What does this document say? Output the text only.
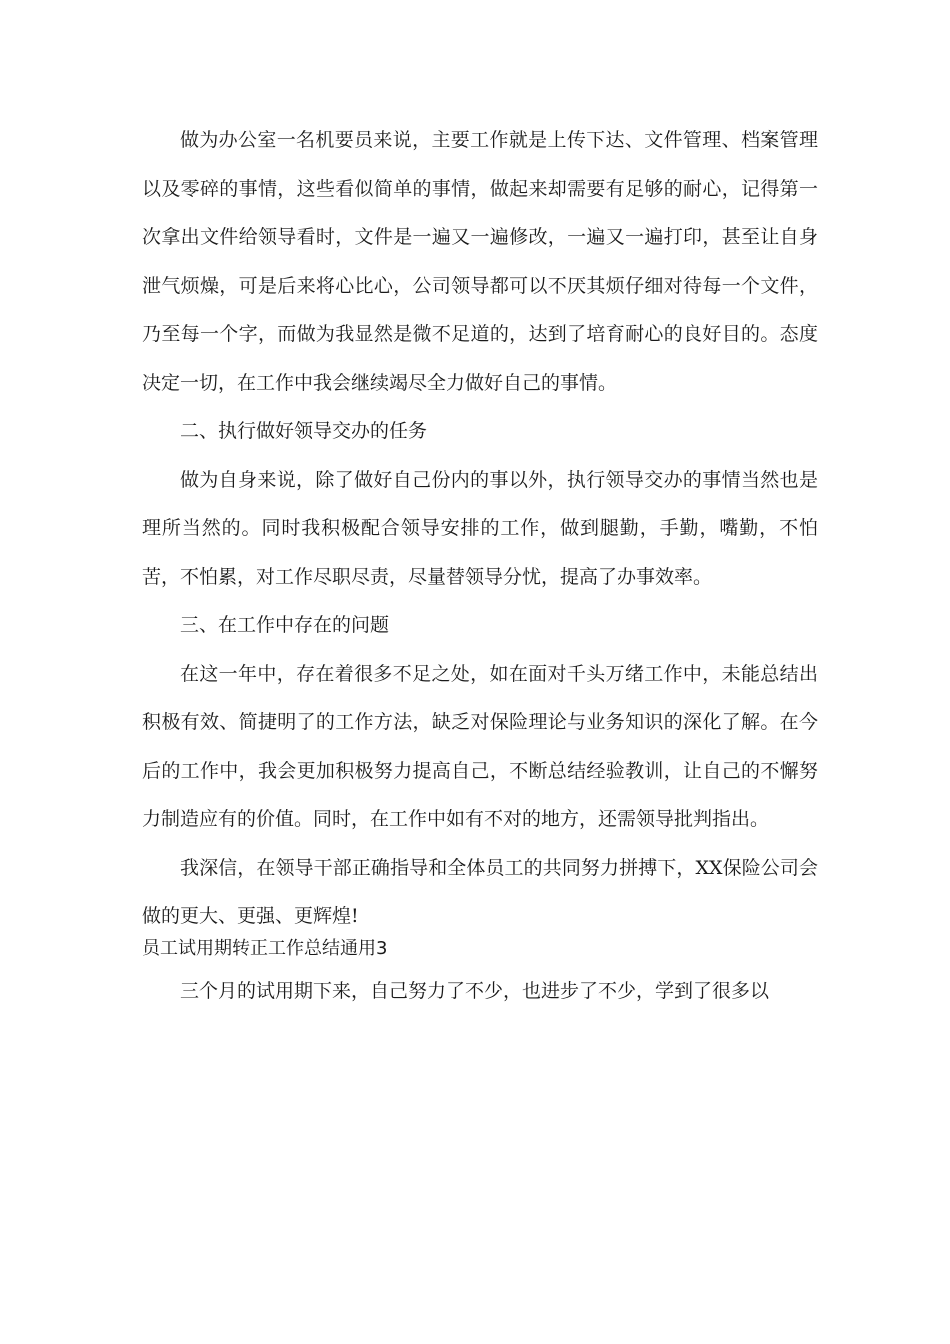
做为办公室一名机要员来说，主要工作就是上传下达、文件管理、档案管理以及零碎的事情，这些看似简单的事情，做起来却需要有足够的耐心，记得第一次拿出文件给领导看时，文件是一遍又一遍修改，一遍又一遍打印，甚至让自身泄气烦燥，可是后来将心比心，公司领导都可以不厌其烦仔细对待每一个文件，乃至每一个字，而做为我显然是微不足道的，达到了培育耐心的良好目的。态度决定一切，在工作中我会继续竭尽全力做好自己的事情。

二、执行做好领导交办的任务

做为自身来说，除了做好自己份内的事以外，执行领导交办的事情当然也是理所当然的。同时我积极配合领导安排的工作，做到腿勤，手勤，嘴勤，不怕苦，不怕累，对工作尽职尽责，尽量替领导分忧，提高了办事效率。

三、在工作中存在的问题

在这一年中，存在着很多不足之处，如在面对千头万绪工作中，未能总结出积极有效、简捷明了的工作方法，缺乏对保险理论与业务知识的深化了解。在今后的工作中，我会更加积极努力提高自己，不断总结经验教训，让自己的不懈努力制造应有的价值。同时，在工作中如有不对的地方，还需领导批判指出。

我深信，在领导干部正确指导和全体员工的共同努力拼搏下，XX保险公司会做的更大、更强、更辉煌!

员工试用期转正工作总结通用3

三个月的试用期下来，自己努力了不少，也进步了不少，学到了很多以
